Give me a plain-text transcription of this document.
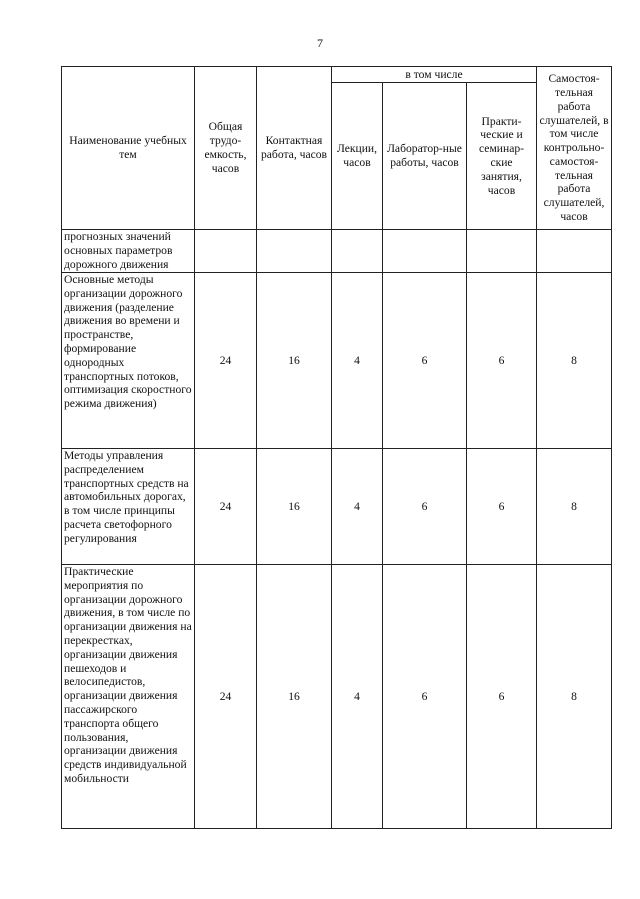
7
Наименование учебных тем	Общая трудо-емкость, часов	Контактная работа, часов	в том числе			Самостоя-тельная работа слушателей, в том числе контрольно-самостоя-тельная работа слушателей, часов
			Лекции, часов	Лаборатор-ные работы, часов	Практи-ческие и семинар-ские занятия, часов	
прогнозных значений основных параметров дорожного движения						
Основные методы организации дорожного движения (разделение движения во времени и пространстве, формирование однородных транспортных потоков, оптимизация скоростного режима движения)	24	16	4	6	6	8
Методы управления распределением транспортных средств на автомобильных дорогах, в том числе принципы расчета светофорного регулирования	24	16	4	6	6	8
Практические мероприятия по организации дорожного движения, в том числе по организации движения на перекрестках, организации движения пешеходов и велосипедистов, организации движения пассажирского транспорта общего пользования, организации движения средств индивидуальной мобильности	24	16	4	6	6	8
